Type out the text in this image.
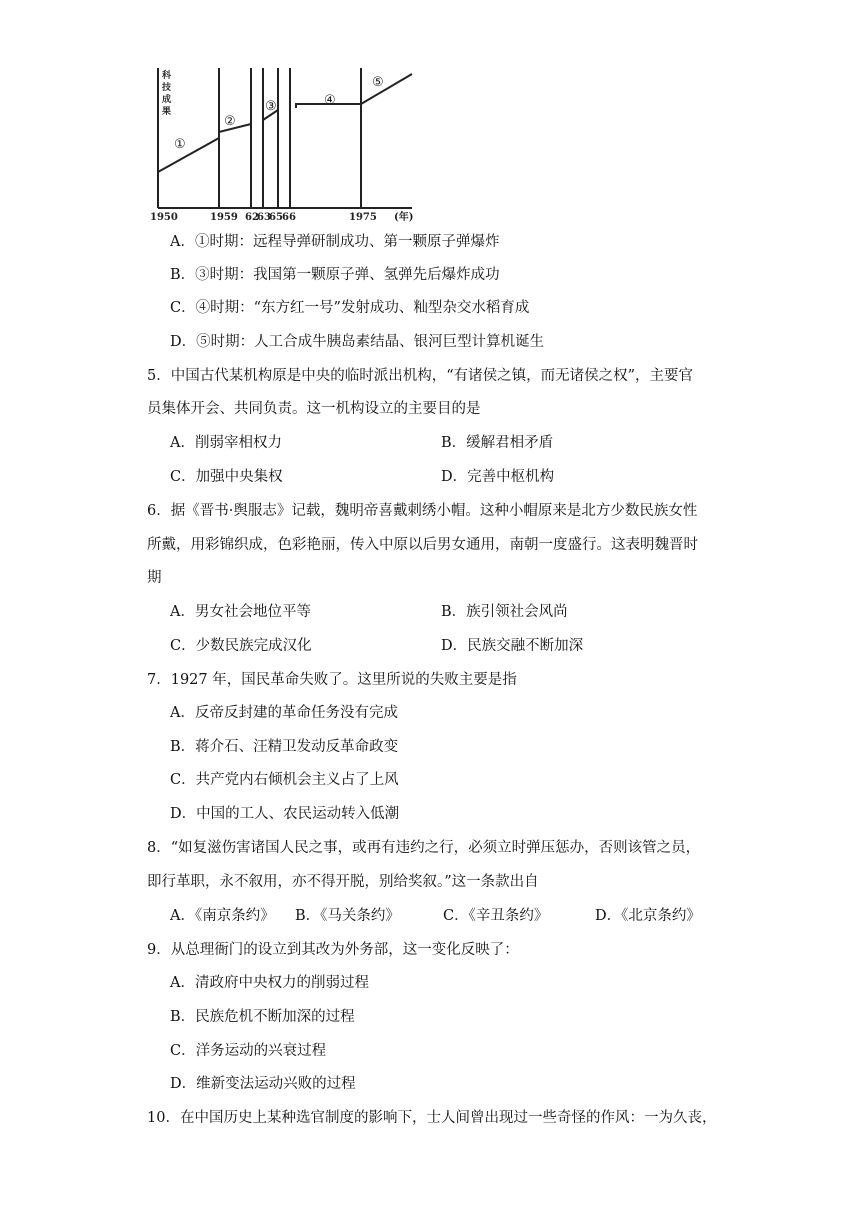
科
技
成
果
①
②
③	④
⑤
1950	1959 62
63
65 66	1975 (年)
A．①时期：远程导弹研制成功、第一颗原子弹爆炸
B．③时期：我国第一颗原子弹、氢弹先后爆炸成功
C．④时期：“东方红一号”发射成功、籼型杂交水稻育成
D．⑤时期：人工合成牛胰岛素结晶、银河巨型计算机诞生
5．中国古代某机构原是中央的临时派出机构，“有诸侯之镇，而无诸侯之权”，主要官
员集体开会、共同负责。这一机构设立的主要目的是
A．削弱宰相权力	B．缓解君相矛盾
C．加强中央集权	D．完善中枢机构
6．据《晋书·舆服志》记载，魏明帝喜戴刺绣小帽。这种小帽原来是北方少数民族女性
所戴，用彩锦织成，色彩艳丽，传入中原以后男女通用，南朝一度盛行。这表明魏晋时
期
A．男女社会地位平等	B．族引领社会风尚
C．少数民族完成汉化	D．民族交融不断加深
7．1927 年，国民革命失败了。这里所说的失败主要是指
A．反帝反封建的革命任务没有完成
B．蒋介石、汪精卫发动反革命政变
C．共产党内右倾机会主义占了上风
D．中国的工人、农民运动转入低潮
8．“如复滋伤害诸国人民之事，或再有违约之行，必须立时弹压惩办，否则该管之员，
即行革职，永不叙用，亦不得开脱，别给奖叙。”这一条款出自
A．《南京条约》 B．《马关条约》	C．《辛丑条约》	D．《北京条约》
9．从总理衙门的设立到其改为外务部，这一变化反映了：
A．清政府中央权力的削弱过程
B．民族危机不断加深的过程
C．洋务运动的兴衰过程
D．维新变法运动兴败的过程
10．在中国历史上某种选官制度的影响下，士人间曾出现过一些奇怪的作风：一为久丧，
